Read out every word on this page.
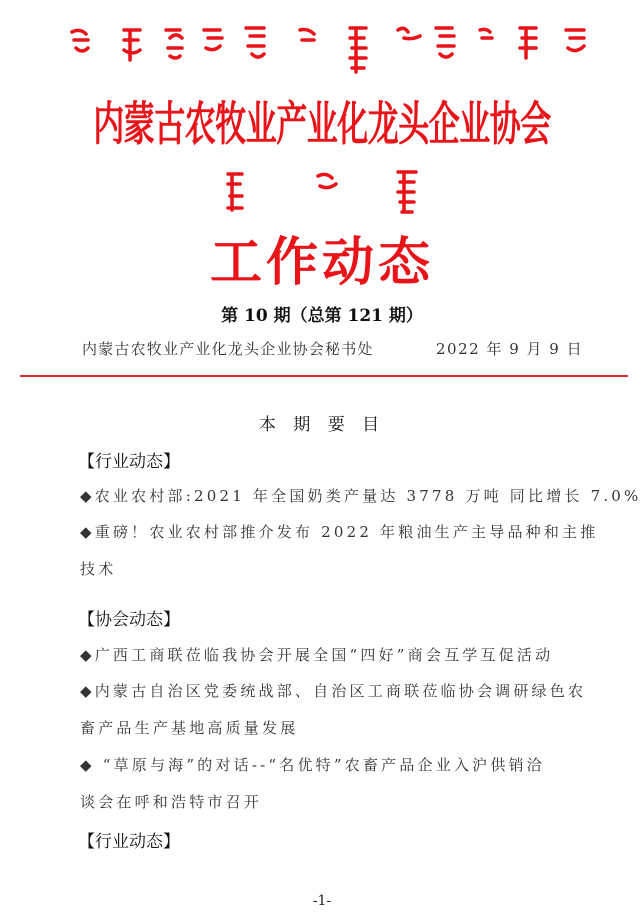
内蒙古农牧业产业化龙头企业协会
工作动态
第 10 期（总第 121 期）
内蒙古农牧业产业化龙头企业协会秘书处	2022 年 9 月 9 日
本 期 要 目
【行业动态】
◆农业农村部:2021 年全国奶类产量达 3778 万吨 同比增长 7.0%
◆重磅！农业农村部推介发布 2022 年粮油生产主导品种和主推
技术
【协会动态】
◆广西工商联莅临我协会开展全国“四好”商会互学互促活动
◆内蒙古自治区党委统战部、自治区工商联莅临协会调研绿色农
畜产品生产基地高质量发展
◆ “草原与海”的对话--“名优特”农畜产品企业入沪供销洽
谈会在呼和浩特市召开
【行业动态】
-1-
